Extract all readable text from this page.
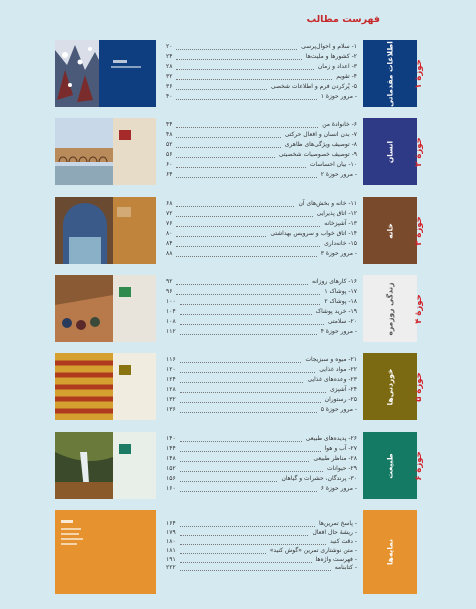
فهرست مطالب
اطلاعات مقدماتی حوزهٔ ۱
۱- سلام و احوال‌پرسی
۲۰
۲- کشورها و ملیت‌ها
۲۴
۳- اعداد و زمان
۲۸
۴- تقویم
۳۲
۵- پُرکردن فرم و اطلاعات شخصی
۳۶
- مرور حوزهٔ ۱
۴۰
انسان
حوزهٔ ۲
۶- خانوادهٔ من
۴۴
۷- بدن انسان و افعال حرکتی
۴۸
۸- توصیف ویژگی‌های ظاهری
۵۲
۹- توصیف خصوصیات شخصیتی
۵۶
۱۰- بیان احساسات
۶۰
- مرور حوزهٔ ۲
۶۴
خانه
حوزهٔ ۳
۱۱- خانه و بخش‌های آن
۶۸
۱۲- اتاق پذیرایی
۷۲
۱۳- آشپزخانه
۷۶
۱۴- اتاق خواب و سرویس بهداشتی
۸۰
۱۵- خانه‌داری
۸۴
- مرور حوزهٔ ۳
۸۸
زندگی روزمره حوزهٔ ۴
۱۶- کارهای روزانه
۹۲
۱۷- پوشاک ۱
۹۶
۱۸- پوشاک ۲
۱۰۰
۱۹- خرید پوشاک
۱۰۴
۲۰- سلامتی
۱۰۸
- مرور حوزهٔ ۴
۱۱۲
خوردنی‌ها حوزهٔ ۵
۲۱- میوه و سبزیجات
۱۱۶
۲۲- مواد غذایی
۱۲۰
۲۳- وعده‌های غذایی
۱۲۴
۲۴- آشپزی
۱۲۸
۲۵- رستوران
۱۳۲
- مرور حوزهٔ ۵
۱۳۶
طبیعت حوزهٔ ۶
۲۶- پدیده‌های طبیعی
۱۴۰
۲۷- آب و هوا
۱۴۴
۲۸- مناظر طبیعی
۱۴۸
۲۹- حیوانات
۱۵۲
۳۰- پرندگان، حشرات و گیاهان
۱۵۶
- مرور حوزهٔ ۶
۱۶۰
نمایه‌ها
- پاسخ تمرین‌ها
۱۶۴
- ریشهٔ حال افعال
۱۷۹
- دقت کنید
۱۸۰
- متن نوشتاری تمرین «گوش کنید»
۱۸۱
- فهرست واژه‌ها
۱۹۱
- کتابنامه
۲۲۲
